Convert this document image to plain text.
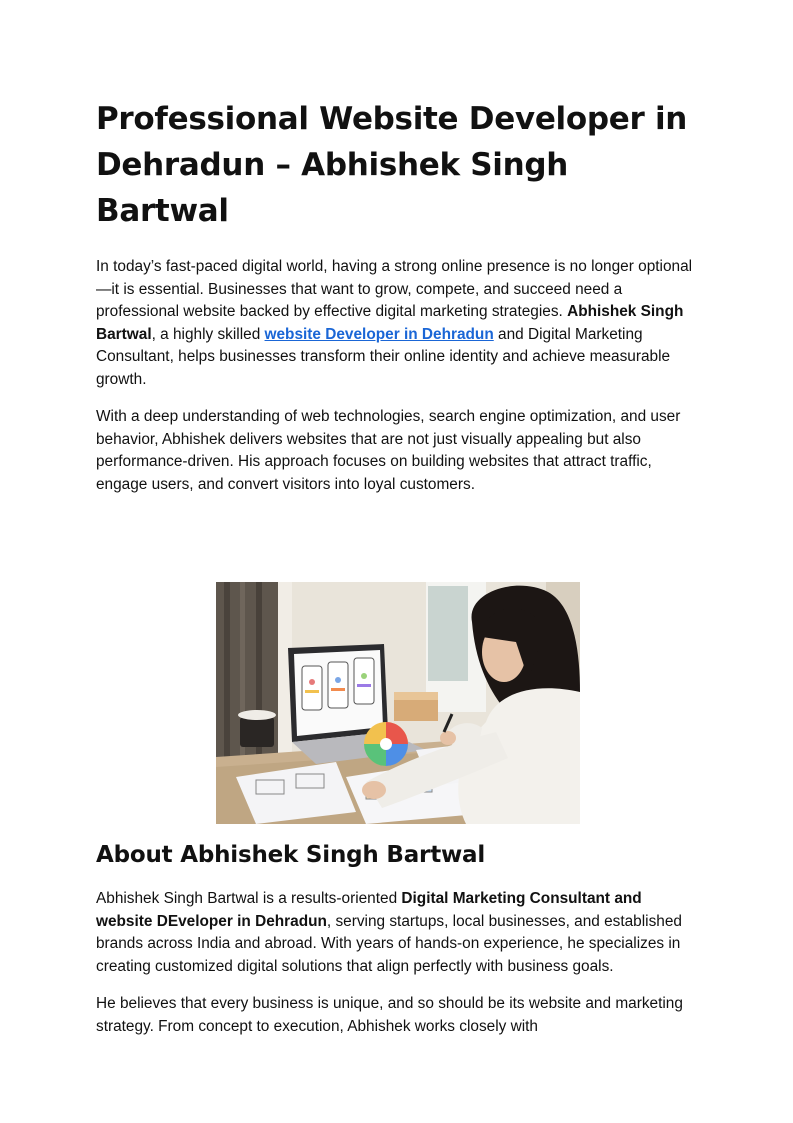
Professional Website Developer in Dehradun – Abhishek Singh Bartwal

In today’s fast-paced digital world, having a strong online presence is no longer optional—it is essential. Businesses that want to grow, compete, and succeed need a professional website backed by effective digital marketing strategies. Abhishek Singh Bartwal, a highly skilled website Developer in Dehradun and Digital Marketing Consultant, helps businesses transform their online identity and achieve measurable growth.

With a deep understanding of web technologies, search engine optimization, and user behavior, Abhishek delivers websites that are not just visually appealing but also performance-driven. His approach focuses on building websites that attract traffic, engage users, and convert visitors into loyal customers.

About Abhishek Singh Bartwal

Abhishek Singh Bartwal is a results-oriented Digital Marketing Consultant and website DEveloper in Dehradun, serving startups, local businesses, and established brands across India and abroad. With years of hands-on experience, he specializes in creating customized digital solutions that align perfectly with business goals.

He believes that every business is unique, and so should be its website and marketing strategy. From concept to execution, Abhishek works closely with
